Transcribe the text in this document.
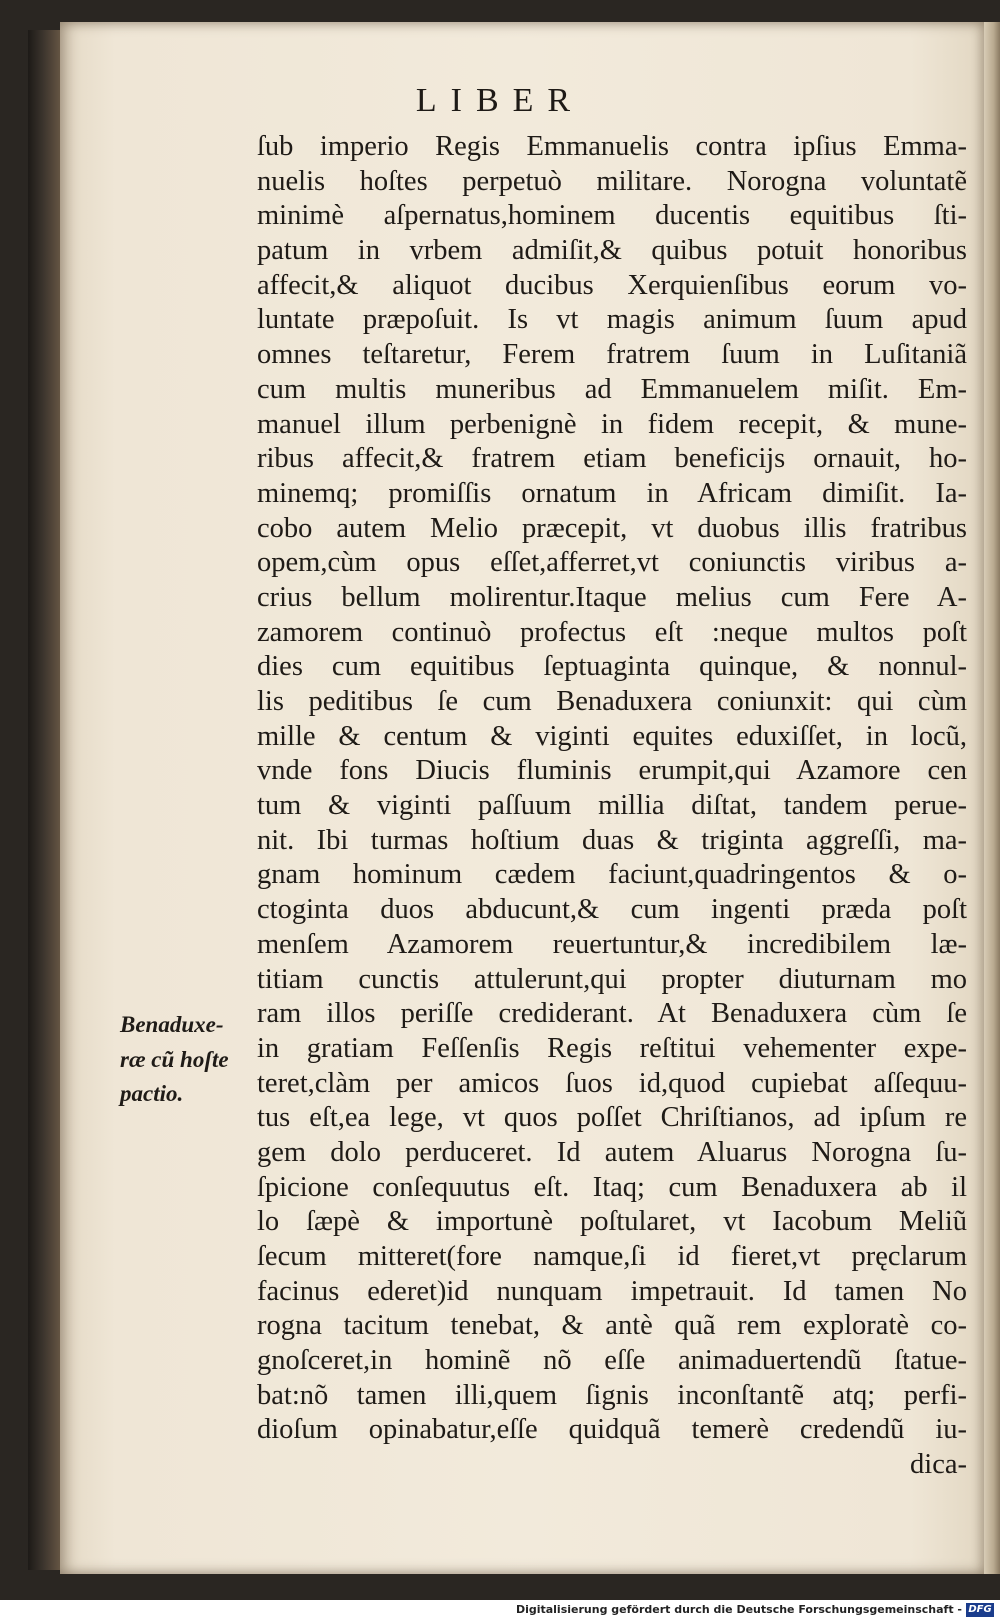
LIBER
ſub imperio Regis Emmanuelis contra ipſius Emma-
nuelis hoſtes perpetuò militare. Norogna voluntatẽ
minimè aſpernatus,hominem ducentis equitibus ſti-
patum in vrbem admiſit,& quibus potuit honoribus
affecit,& aliquot ducibus Xerquienſibus eorum vo-
luntate præpoſuit. Is vt magis animum ſuum apud
omnes teſtaretur, Ferem fratrem ſuum in Luſitaniã
cum multis muneribus ad Emmanuelem miſit. Em-
manuel illum perbenignè in fidem recepit, & mune-
ribus affecit,& fratrem etiam beneficijs ornauit, ho-
minemq; promiſſis ornatum in Africam dimiſit. Ia-
cobo autem Melio præcepit, vt duobus illis fratribus
opem,cùm opus eſſet,afferret,vt coniunctis viribus a-
crius bellum molirentur.Itaque melius cum Fere A-
zamorem continuò profectus eſt :neque multos poſt
dies cum equitibus ſeptuaginta quinque, & nonnul-
lis peditibus ſe cum Benaduxera coniunxit: qui cùm
mille & centum & viginti equites eduxiſſet, in locũ,
vnde fons Diucis fluminis erumpit,qui Azamore cen
tum & viginti paſſuum millia diſtat, tandem perue-
nit. Ibi turmas hoſtium duas & triginta aggreſſi, ma-
gnam hominum cædem faciunt,quadringentos & o-
ctoginta duos abducunt,& cum ingenti præda poſt
menſem Azamorem reuertuntur,& incredibilem læ-
titiam cunctis attulerunt,qui propter diuturnam mo
ram illos periſſe crediderant. At Benaduxera cùm ſe
in gratiam Feſſenſis Regis reſtitui vehementer expe-
teret,clàm per amicos ſuos id,quod cupiebat aſſequu-
tus eſt,ea lege, vt quos poſſet Chriſtianos, ad ipſum re
gem dolo perduceret. Id autem Aluarus Norogna ſu-
ſpicione conſequutus eſt. Itaq; cum Benaduxera ab il
lo ſæpè & importunè poſtularet, vt Iacobum Meliũ
ſecum mitteret(fore namque,ſi id fieret,vt pręclarum
facinus ederet)id nunquam impetrauit. Id tamen No
rogna tacitum tenebat, & antè quã rem exploratè co-
gnoſceret,in hominẽ nõ eſſe animaduertendũ ſtatue-
bat:nõ tamen illi,quem ſignis inconſtantẽ atq; perfi-
dioſum opinabatur,eſſe quidquã temerè credendũ iu-
dica-
Benaduxe-
ræ cũ hoſte
pactio.
Digitalisierung gefördert durch die Deutsche Forschungsgemeinschaft - DFG
